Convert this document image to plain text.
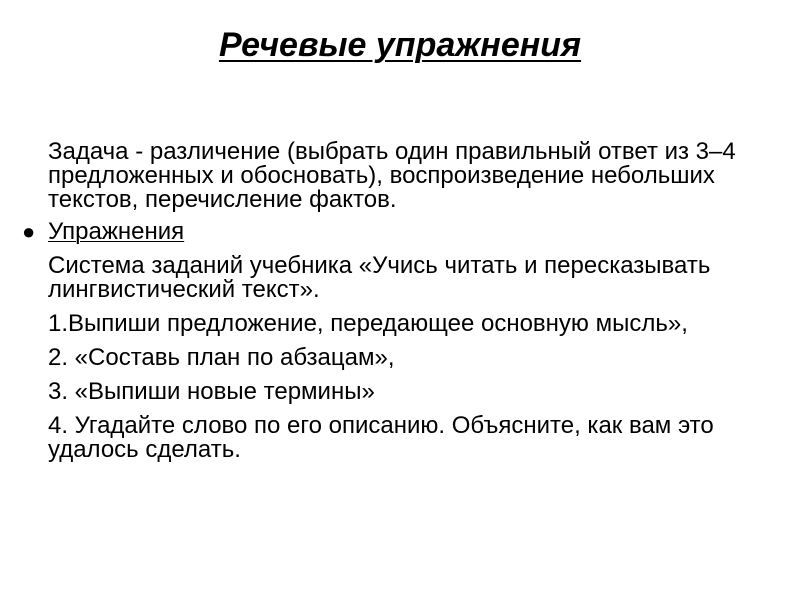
Речевые упражнения
Задача - различение (выбрать один правильный ответ из 3–4 предложенных и обосновать), воспроизведение небольших текстов, перечисление фактов.
● Упражнения
Система заданий учебника «Учись читать и пересказывать лингвистический текст».
1.Выпиши предложение, передающее основную мысль»,
2. «Составь план по абзацам»,
3. «Выпиши новые термины»
4. Угадайте слово по его описанию. Объясните, как вам это удалось сделать.
